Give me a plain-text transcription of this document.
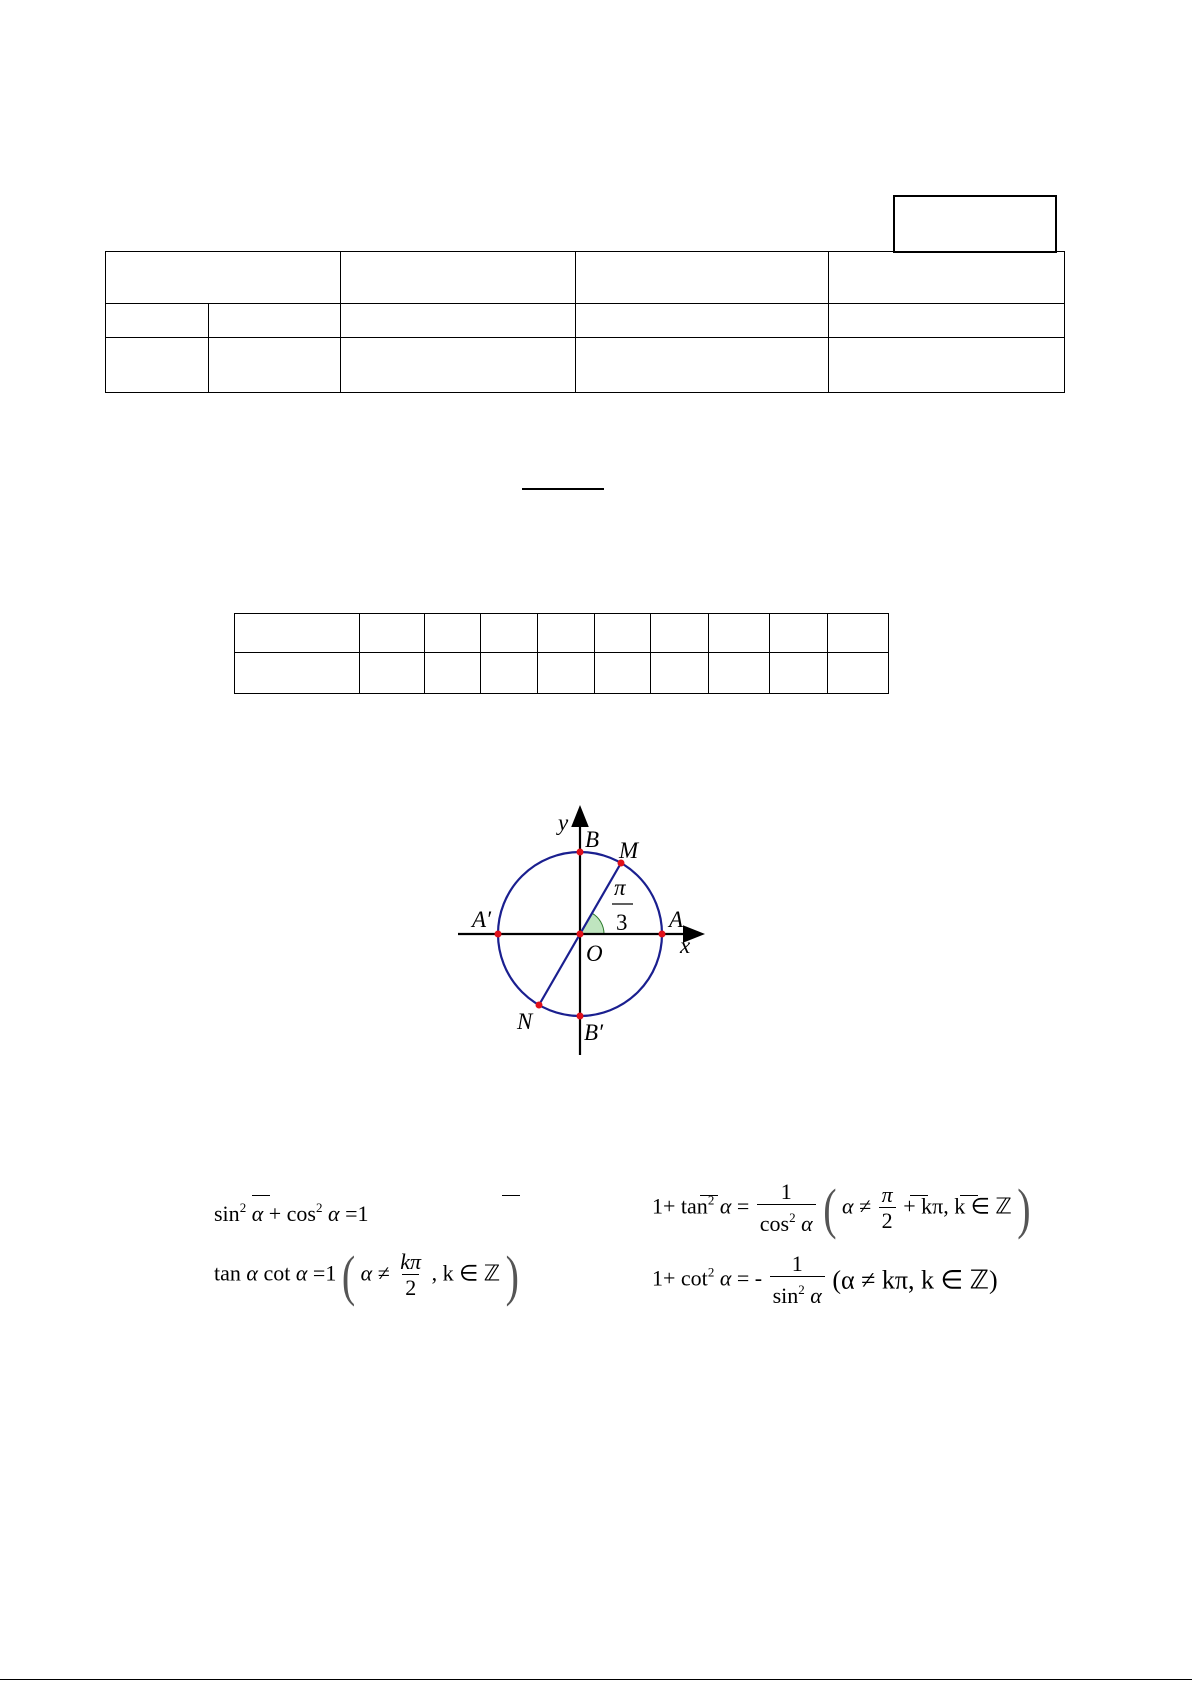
y
B M
π
3
A′	A
O	x
N B′
$\sin^2 \alpha + \cos^2 \alpha =1$	$1+ \tan^2 \alpha = \frac{1}{\cos^2 \alpha}$ ( $\alpha \ne \frac{\pi}{2} + k\pi$, k ∈ ℤ )
tan α cot α =1 ( $\alpha \ne \frac{k\pi}{2}$ , k ∈ ℤ )	$1+ \cot^2 \alpha$ = - $\frac{1}{\sin^2 \alpha} (\alpha \ne k\pi$, k ∈ ℤ)
